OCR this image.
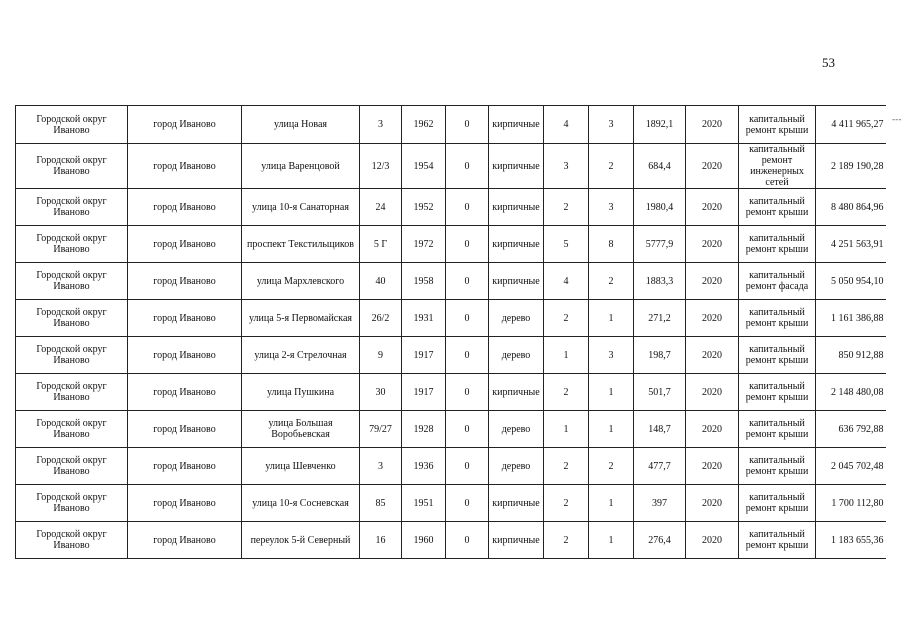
53
- - -
Городской округ Иваново	город Иваново	улица Новая	3	1962	0	кирпичные	4	3	1892,1	2020	капитальный ремонт крыши	4 411 965,27
Городской округ Иваново	город Иваново	улица Варенцовой	12/3	1954	0	кирпичные	3	2	684,4	2020	капитальный ремонт инженерных сетей	2 189 190,28
Городской округ Иваново	город Иваново	улица 10-я Санаторная	24	1952	0	кирпичные	2	3	1980,4	2020	капитальный ремонт крыши	8 480 864,96
Городской округ Иваново	город Иваново	проспект Текстильщиков	5 Г	1972	0	кирпичные	5	8	5777,9	2020	капитальный ремонт крыши	4 251 563,91
Городской округ Иваново	город Иваново	улица Мархлевского	40	1958	0	кирпичные	4	2	1883,3	2020	капитальный ремонт фасада	5 050 954,10
Городской округ Иваново	город Иваново	улица 5-я Первомайская	26/2	1931	0	дерево	2	1	271,2	2020	капитальный ремонт крыши	1 161 386,88
Городской округ Иваново	город Иваново	улица 2-я Стрелочная	9	1917	0	дерево	1	3	198,7	2020	капитальный ремонт крыши	850 912,88
Городской округ Иваново	город Иваново	улица Пушкина	30	1917	0	кирпичные	2	1	501,7	2020	капитальный ремонт крыши	2 148 480,08
Городской округ Иваново	город Иваново	улица Большая Воробьевская	79/27	1928	0	дерево	1	1	148,7	2020	капитальный ремонт крыши	636 792,88
Городской округ Иваново	город Иваново	улица Шевченко	3	1936	0	дерево	2	2	477,7	2020	капитальный ремонт крыши	2 045 702,48
Городской округ Иваново	город Иваново	улица 10-я Сосневская	85	1951	0	кирпичные	2	1	397	2020	капитальный ремонт крыши	1 700 112,80
Городской округ Иваново	город Иваново	переулок 5-й Северный	16	1960	0	кирпичные	2	1	276,4	2020	капитальный ремонт крыши	1 183 655,36
